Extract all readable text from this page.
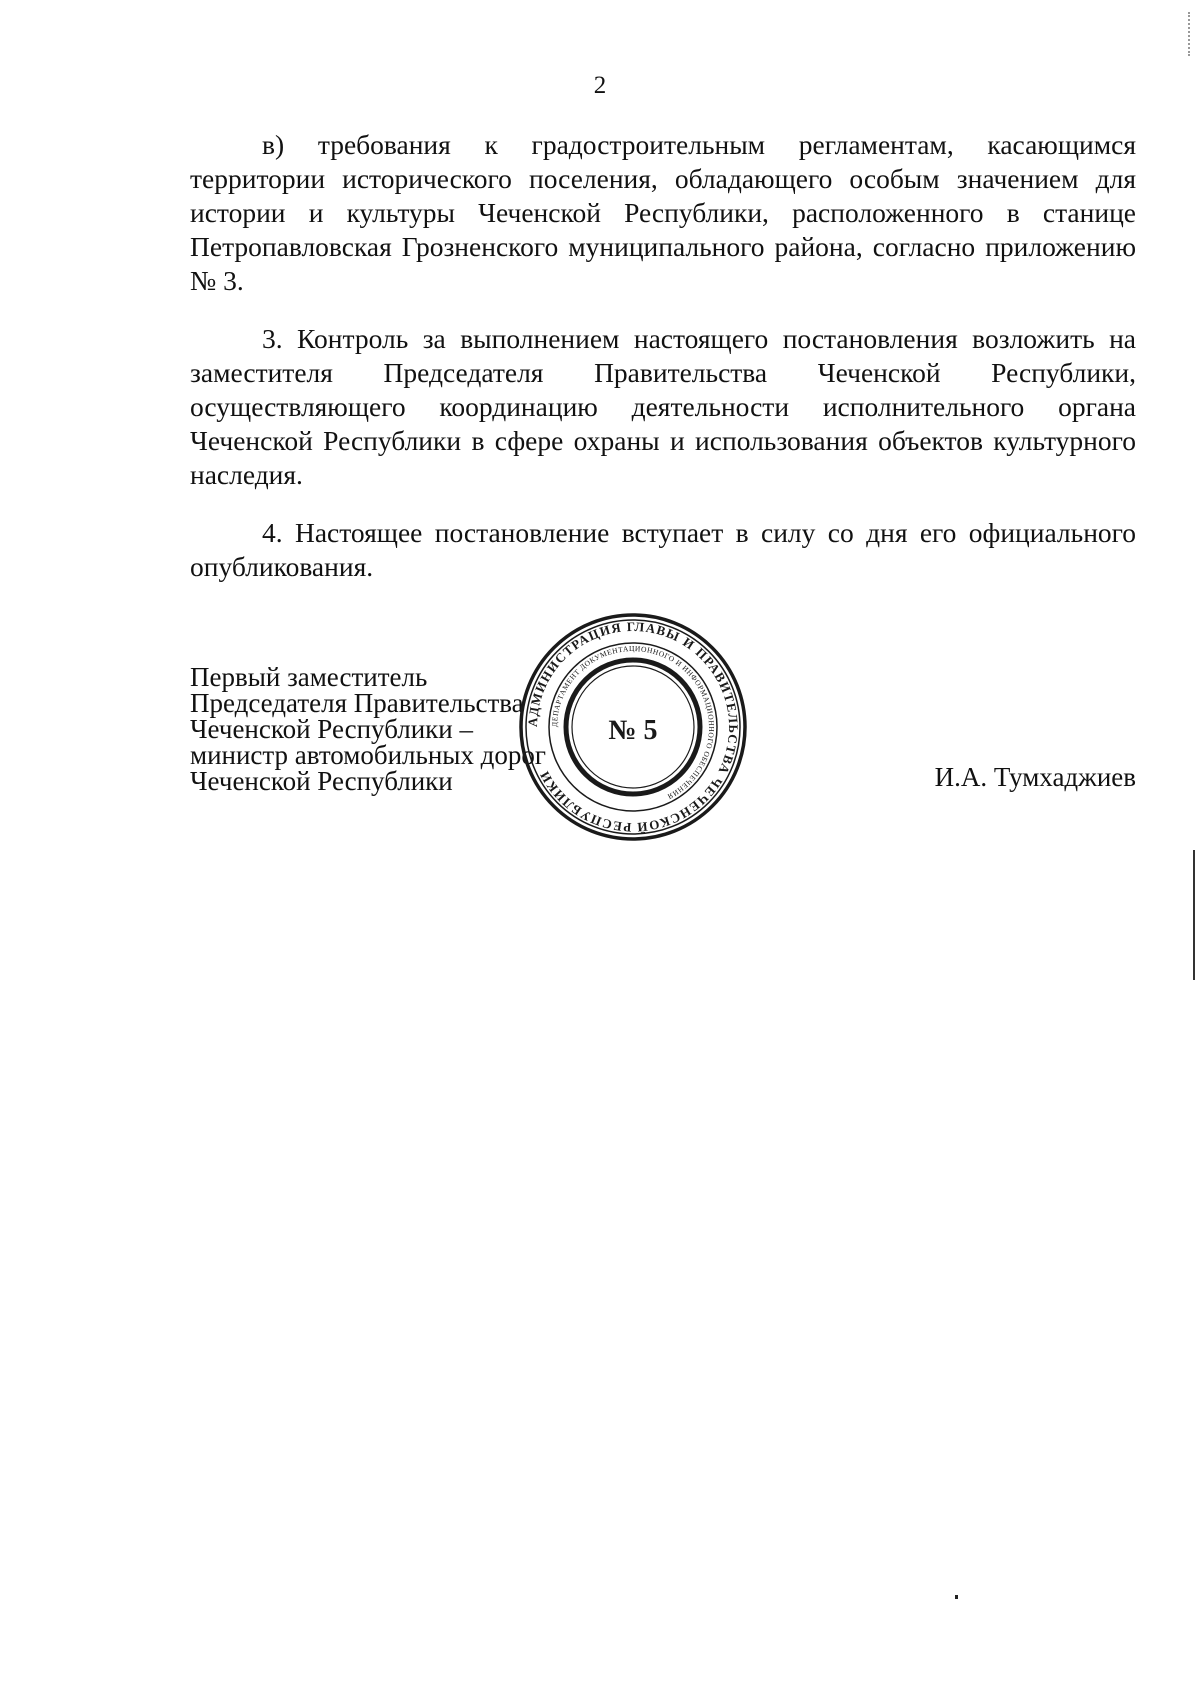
2

в) требования к градостроительным регламентам, касающимся территории исторического поселения, обладающего особым значением для истории и культуры Чеченской Республики, расположенного в станице Петропавловская Грозненского муниципального района, согласно приложению № 3.

3. Контроль за выполнением настоящего постановления возложить на заместителя Председателя Правительства Чеченской Республики, осуществляющего координацию деятельности исполнительного органа Чеченской Республики в сфере охраны и использования объектов культурного наследия.

4. Настоящее постановление вступает в силу со дня его официального опубликования.

Первый заместитель
Председателя Правительства
Чеченской Республики –
министр автомобильных дорог
Чеченской Республики	И.А. Тумхаджиев
АДМИНИСТРАЦИЯ ГЛАВЫ И ПРАВИТЕЛЬСТВА ЧЕЧЕНСКОЙ РЕСПУБЛИКИ
ДЕПАРТАМЕНТ ДОКУМЕНТАЦИОННОГО И ИНФОРМАЦИОННОГО ОБЕСПЕЧЕНИЯ
№ 5
